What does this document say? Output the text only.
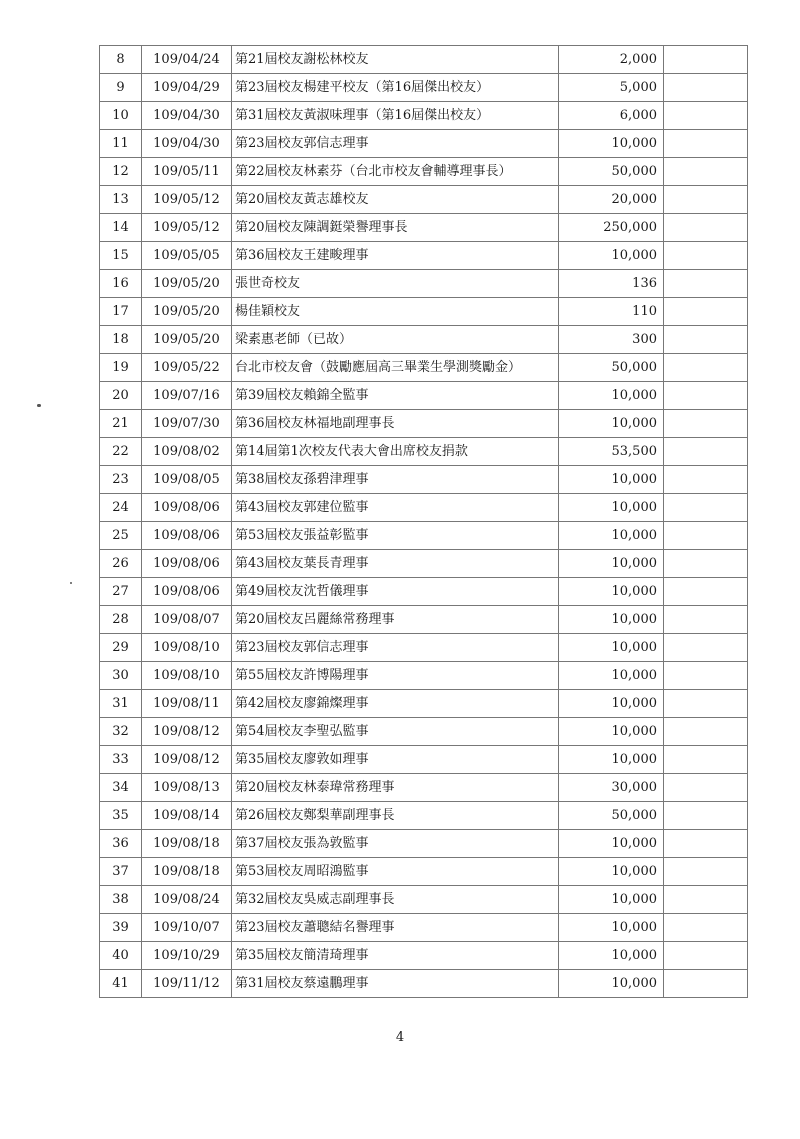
8	109/04/24	第21屆校友謝松林校友	2,000	
9	109/04/29	第23屆校友楊建平校友（第16屆傑出校友）	5,000	
10	109/04/30	第31屆校友黃淑味理事（第16屆傑出校友）	6,000	
11	109/04/30	第23屆校友郭信志理事	10,000	
12	109/05/11	第22屆校友林素芬（台北市校友會輔導理事長）	50,000	
13	109/05/12	第20屆校友黃志雄校友	20,000	
14	109/05/12	第20屆校友陳調鋌榮譽理事長	250,000	
15	109/05/05	第36屆校友王建畯理事	10,000	
16	109/05/20	張世奇校友	136	
17	109/05/20	楊佳穎校友	110	
18	109/05/20	梁素惠老師（已故）	300	
19	109/05/22	台北市校友會（鼓勵應屆高三畢業生學測獎勵金）	50,000	
20	109/07/16	第39屆校友賴錦全監事	10,000	
21	109/07/30	第36屆校友林福地副理事長	10,000	
22	109/08/02	第14屆第1次校友代表大會出席校友捐款	53,500	
23	109/08/05	第38屆校友孫碧津理事	10,000	
24	109/08/06	第43屆校友郭建位監事	10,000	
25	109/08/06	第53屆校友張益彰監事	10,000	
26	109/08/06	第43屆校友葉長青理事	10,000	
27	109/08/06	第49屆校友沈哲儀理事	10,000	
28	109/08/07	第20屆校友呂麗絲常務理事	10,000	
29	109/08/10	第23屆校友郭信志理事	10,000	
30	109/08/10	第55屆校友許博陽理事	10,000	
31	109/08/11	第42屆校友廖錦燦理事	10,000	
32	109/08/12	第54屆校友李聖弘監事	10,000	
33	109/08/12	第35屆校友廖敦如理事	10,000	
34	109/08/13	第20屆校友林泰瑋常務理事	30,000	
35	109/08/14	第26屆校友鄭梨華副理事長	50,000	
36	109/08/18	第37屆校友張為敦監事	10,000	
37	109/08/18	第53屆校友周昭鴻監事	10,000	
38	109/08/24	第32屆校友吳威志副理事長	10,000	
39	109/10/07	第23屆校友蕭聰結名譽理事	10,000	
40	109/10/29	第35屆校友簡清琦理事	10,000	
41	109/11/12	第31屆校友蔡遠鵬理事	10,000	
4
